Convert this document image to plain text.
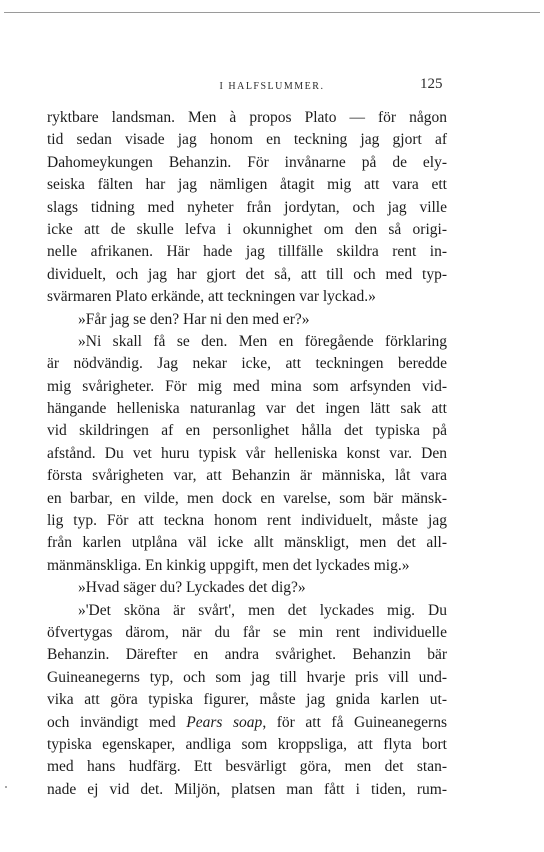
I HALFSLUMMER.	125
ryktbare landsman. Men à propos Plato — för någon
tid sedan visade jag honom en teckning jag gjort af
Dahomeykungen Behanzin. För invånarne på de ely-
seiska fälten har jag nämligen åtagit mig att vara ett
slags tidning med nyheter från jordytan, och jag ville
icke att de skulle lefva i okunnighet om den så origi-
nelle afrikanen. Här hade jag tillfälle skildra rent in-
dividuelt, och jag har gjort det så, att till och med typ-
svärmaren Plato erkände, att teckningen var lyckad.»
»Får jag se den? Har ni den med er?»
»Ni skall få se den. Men en föregående förklaring
är nödvändig. Jag nekar icke, att teckningen beredde
mig svårigheter. För mig med mina som arfsynden vid-
hängande helleniska naturanlag var det ingen lätt sak att
vid skildringen af en personlighet hålla det typiska på
afstånd. Du vet huru typisk vår helleniska konst var. Den
första svårigheten var, att Behanzin är människa, låt vara
en barbar, en vilde, men dock en varelse, som bär mänsk-
lig typ. För att teckna honom rent individuelt, måste jag
från karlen utplåna väl icke allt mänskligt, men det all-
mänmänskliga. En kinkig uppgift, men det lyckades mig.»
»Hvad säger du? Lyckades det dig?»
»'Det sköna är svårt', men det lyckades mig. Du
öfvertygas därom, när du får se min rent individuelle
Behanzin. Därefter en andra svårighet. Behanzin bär
Guineanegerns typ, och som jag till hvarje pris vill und-
vika att göra typiska figurer, måste jag gnida karlen ut-
och invändigt med Pears soap, för att få Guineanegerns
typiska egenskaper, andliga som kroppsliga, att flyta bort
med hans hudfärg. Ett besvärligt göra, men det stan-
nade ej vid det. Miljön, platsen man fått i tiden, rum-
